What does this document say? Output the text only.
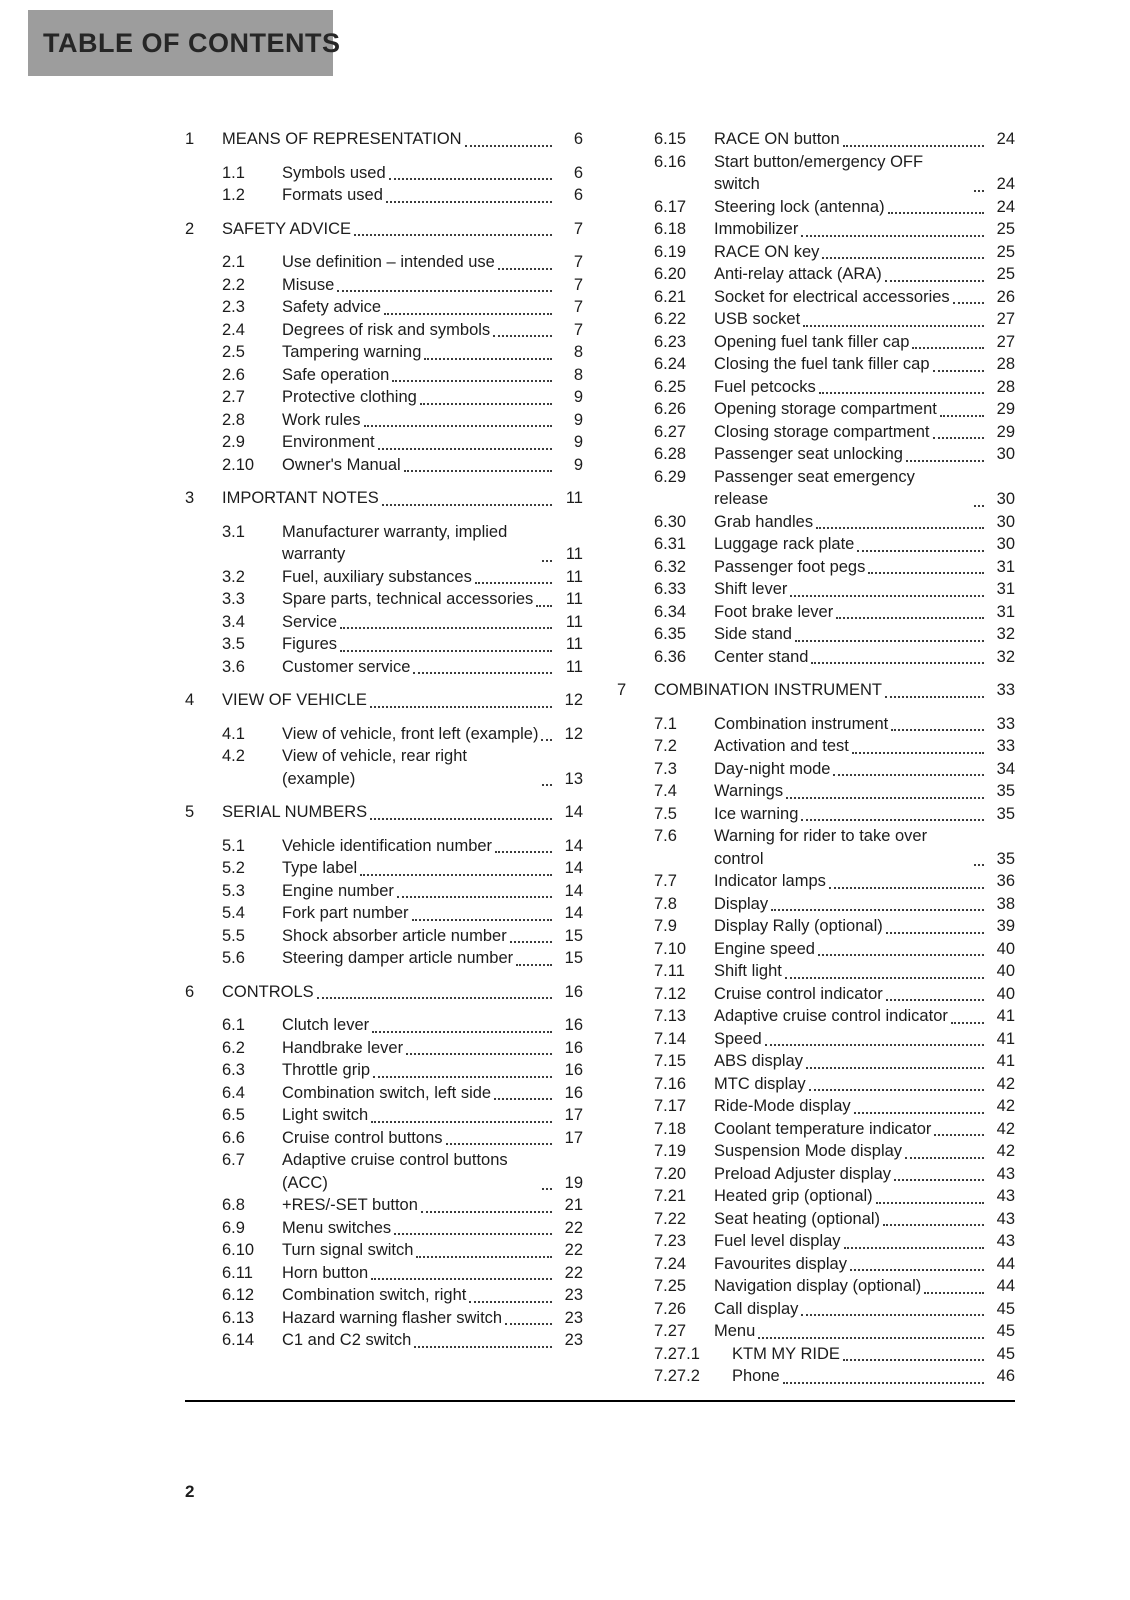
TABLE OF CONTENTS
1	MEANS OF REPRESENTATION	6
1.1	Symbols used	6
1.2	Formats used	6
2	SAFETY ADVICE	7
2.1	Use definition – intended use	7
2.2	Misuse	7
2.3	Safety advice	7
2.4	Degrees of risk and symbols	7
2.5	Tampering warning	8
2.6	Safe operation	8
2.7	Protective clothing	9
2.8	Work rules	9
2.9	Environment	9
2.10	Owner's Manual	9
3	IMPORTANT NOTES	11
3.1	Manufacturer warranty, implied warranty	11
3.2	Fuel, auxiliary substances	11
3.3	Spare parts, technical accessories	11
3.4	Service	11
3.5	Figures	11
3.6	Customer service	11
4	VIEW OF VEHICLE	12
4.1	View of vehicle, front left (example)	12
4.2	View of vehicle, rear right (example)	13
5	SERIAL NUMBERS	14
5.1	Vehicle identification number	14
5.2	Type label	14
5.3	Engine number	14
5.4	Fork part number	14
5.5	Shock absorber article number	15
5.6	Steering damper article number	15
6	CONTROLS	16
6.1	Clutch lever	16
6.2	Handbrake lever	16
6.3	Throttle grip	16
6.4	Combination switch, left side	16
6.5	Light switch	17
6.6	Cruise control buttons	17
6.7	Adaptive cruise control buttons (ACC)	19
6.8	+RES/-SET button	21
6.9	Menu switches	22
6.10	Turn signal switch	22
6.11	Horn button	22
6.12	Combination switch, right	23
6.13	Hazard warning flasher switch	23
6.14	C1 and C2 switch	23
6.15	RACE ON button	24
6.16	Start button/emergency OFF switch	24
6.17	Steering lock (antenna)	24
6.18	Immobilizer	25
6.19	RACE ON key	25
6.20	Anti-relay attack (ARA)	25
6.21	Socket for electrical accessories	26
6.22	USB socket	27
6.23	Opening fuel tank filler cap	27
6.24	Closing the fuel tank filler cap	28
6.25	Fuel petcocks	28
6.26	Opening storage compartment	29
6.27	Closing storage compartment	29
6.28	Passenger seat unlocking	30
6.29	Passenger seat emergency release	30
6.30	Grab handles	30
6.31	Luggage rack plate	30
6.32	Passenger foot pegs	31
6.33	Shift lever	31
6.34	Foot brake lever	31
6.35	Side stand	32
6.36	Center stand	32
7	COMBINATION INSTRUMENT	33
7.1	Combination instrument	33
7.2	Activation and test	33
7.3	Day-night mode	34
7.4	Warnings	35
7.5	Ice warning	35
7.6	Warning for rider to take over control	35
7.7	Indicator lamps	36
7.8	Display	38
7.9	Display Rally (optional)	39
7.10	Engine speed	40
7.11	Shift light	40
7.12	Cruise control indicator	40
7.13	Adaptive cruise control indicator	41
7.14	Speed	41
7.15	ABS display	41
7.16	MTC display	42
7.17	Ride-Mode display	42
7.18	Coolant temperature indicator	42
7.19	Suspension Mode display	42
7.20	Preload Adjuster display	43
7.21	Heated grip (optional)	43
7.22	Seat heating (optional)	43
7.23	Fuel level display	43
7.24	Favourites display	44
7.25	Navigation display (optional)	44
7.26	Call display	45
7.27	Menu	45
7.27.1	KTM MY RIDE	45
7.27.2	Phone	46
2
